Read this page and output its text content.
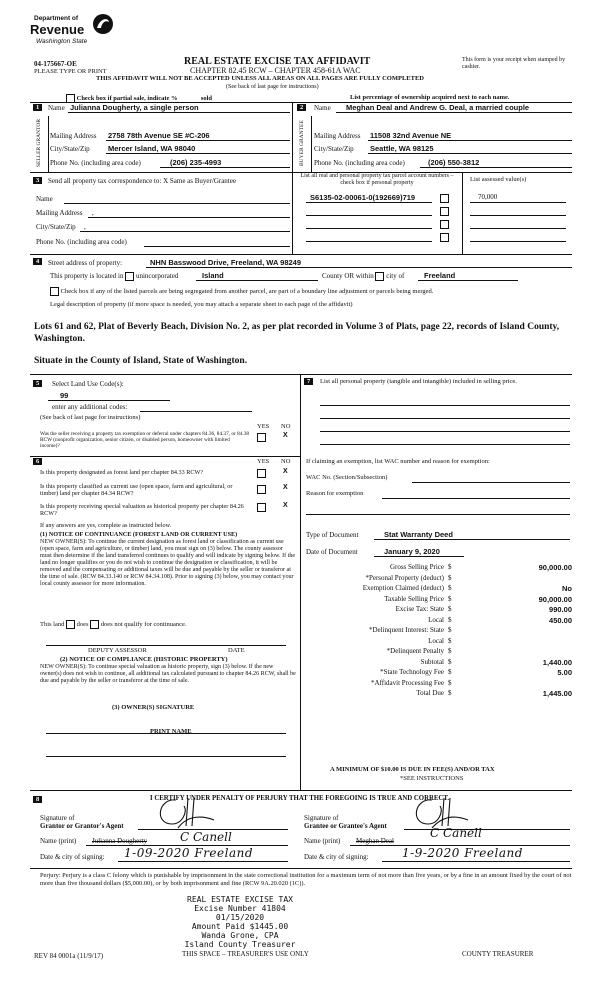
Department of
Revenue
Washington State
04-175667-OE
PLEASE TYPE OR PRINT
REAL ESTATE EXCISE TAX AFFIDAVIT
CHAPTER 82.45 RCW – CHAPTER 458-61A WAC
This form is your receipt when stamped by cashier.
THIS AFFIDAVIT WILL NOT BE ACCEPTED UNLESS ALL AREAS ON ALL PAGES ARE FULLY COMPLETED
(See back of last page for instructions)
Check box if partial sale, indicate %	sold	List percentage of ownership acquired next to each name.
1
SELLER GRANTOR
Name Julianna Dougherty, a single person
Mailing Address 2758 78th Avenue SE #C-206
City/State/Zip Mercer Island, WA 98040
Phone No. (including area code)	(206) 235-4993
2
BUYER GRANTEE
Name Meghan Deal and Andrew G. Deal, a married couple
Mailing Address 11508 32nd Avenue NE
City/State/Zip Seattle, WA 98125
Phone No. (including area code)	(206) 550-3812
3	Send all property tax correspondence to: X Same as Buyer/Grantee
List all real and personal property tax parcel account numbers – check box if personal property	List assessed value(s)
Name
Mailing Address ,
City/State/Zip ,
Phone No. (including area code)
S6135-02-00061-0(192669)719	70,000
4	Street address of property:	NHN Basswood Drive, Freeland, WA 98249
This property is located in unincorporated	Island	County OR within city of	Freeland
Check box if any of the listed parcels are being segregated from another parcel, are part of a boundary line adjustment or parcels being merged.
Legal description of property (if more space is needed, you may attach a separate sheet to each page of the affidavit)
Lots 61 and 62, Plat of Beverly Beach, Division No. 2, as per plat recorded in Volume 3 of Plats, page 22, records of Island County, Washington.
Situate in the County of Island, State of Washington.
5	Select Land Use Code(s):
99
enter any additional codes:
(See back of last page for instructions)
YES NO
Was the seller receiving a property tax exemption or deferral under chapters 84.36, 84.37, or 84.38 RCW (nonprofit organization, senior citizen, or disabled person, homeowner with limited income)?
X
6	YES NO
Is this property designated as forest land per chapter 84.33 RCW?	X
Is this property classified as current use (open space, farm and agricultural, or timber) land per chapter 84.34 RCW?
X
Is this property receiving special valuation as historical property per chapter 84.26 RCW?
X
If any answers are yes, complete as instructed below.
(1) NOTICE OF CONTINUANCE (FOREST LAND OR CURRENT USE)
NEW OWNER(S): To continue the current designation as forest land or classification as current use (open space, farm and agriculture, or timber) land, you must sign on (3) below. The county assessor must then determine if the land transferred continues to qualify and will indicate by signing below. If the land no longer qualifies or you do not wish to continue the designation or classification, it will be removed and the compensating or additional taxes will be due and payable by the seller or transferor at the time of sale. (RCW 84.33.140 or RCW 84.34.108). Prior to signing (3) below, you may contact your local county assessor for more information.
This land does does not qualify for continuance.
DEPUTY ASSESSOR	DATE
(2) NOTICE OF COMPLIANCE (HISTORIC PROPERTY)
NEW OWNER(S): To continue special valuation as historic property, sign (3) below. If the new owner(s) does not wish to continue, all additional tax calculated pursuant to chapter 84.26 RCW, shall be due and payable by the seller or transferor at the time of sale.
(3) OWNER(S) SIGNATURE
PRINT NAME
7	List all personal property (tangible and intangible) included in selling price.
If claiming an exemption, list WAC number and reason for exemption:
WAC No. (Section/Subsection)
Reason for exemption
Type of Document	Stat Warranty Deed
Date of Document	January 9, 2020
Gross Selling Price $	90,000.00
*Personal Property (deduct) $
Exemption Claimed (deduct) $	No
Taxable Selling Price $	90,000.00
Excise Tax: State $	990.00
Local $	450.00
*Delinquent Interest: State $
Local $
*Delinquent Penalty $
Subtotal $	1,440.00
*State Technology Fee $	5.00
*Affidavit Processing Fee $
Total Due $	1,445.00
A MINIMUM OF $10.00 IS DUE IN FEE(S) AND/OR TAX
*SEE INSTRUCTIONS
8	I CERTIFY UNDER PENALTY OF PERJURY THAT THE FOREGOING IS TRUE AND CORRECT.
Signature of
Grantor or Grantor's Agent
Name (print) Julianna Dougherty
Date & city of signing:
Signature of
Grantee or Grantee's Agent
Name (print) Meghan Deal
Date & city of signing:
C Canell
1-09-2020 Freeland
C Canell
1-9-2020 Freeland
Perjury: Perjury is a class C felony which is punishable by imprisonment in the state correctional institution for a maximum term of not more than five years, or by a fine in an amount fixed by the court of not more than five thousand dollars ($5,000.00), or by both imprisonment and fine (RCW 9A.20.020 (1C)).
REAL ESTATE EXCISE TAX
Excise Number 41804
01/15/2020
Amount Paid $1445.00
Wanda Grone, CPA
Island County Treasurer
REV 84 0001a (11/9/17)	THIS SPACE – TREASURER'S USE ONLY	COUNTY TREASURER
